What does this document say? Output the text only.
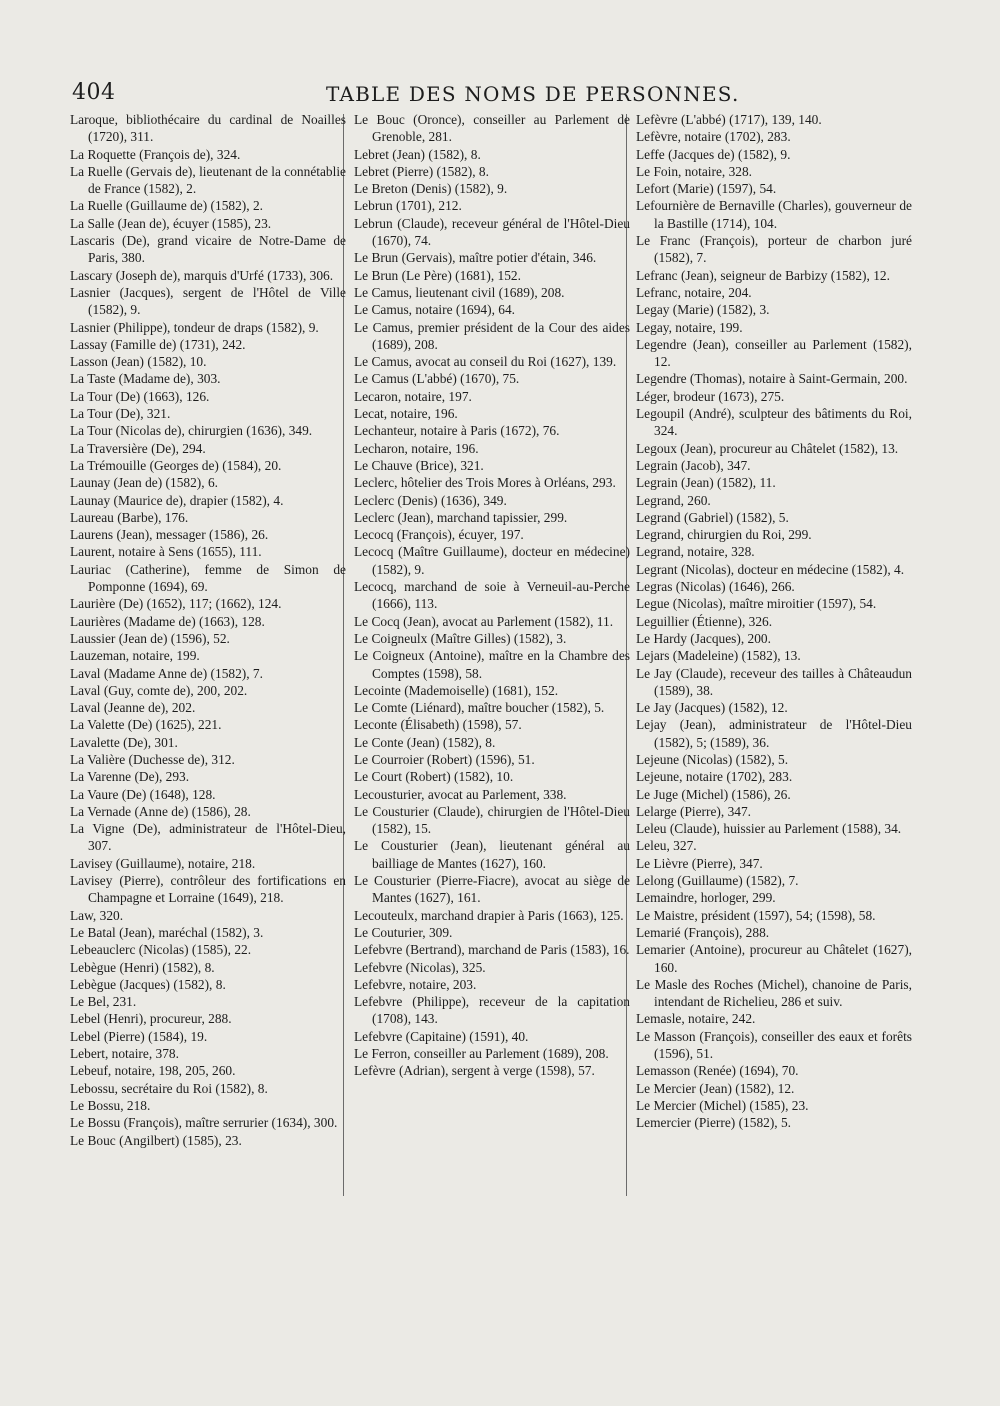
404	TABLE DES NOMS DE PERSONNES.

Laroque, bibliothécaire du cardinal de Noailles (1720), 311.

La Roquette (François de), 324.

La Ruelle (Gervais de), lieutenant de la connétablie de France (1582), 2.

La Ruelle (Guillaume de) (1582), 2.

La Salle (Jean de), écuyer (1585), 23.

Lascaris (De), grand vicaire de Notre-Dame de Paris, 380.

Lascary (Joseph de), marquis d'Urfé (1733), 306.

Lasnier (Jacques), sergent de l'Hôtel de Ville (1582), 9.

Lasnier (Philippe), tondeur de draps (1582), 9.

Lassay (Famille de) (1731), 242.

Lasson (Jean) (1582), 10.

La Taste (Madame de), 303.

La Tour (De) (1663), 126.

La Tour (De), 321.

La Tour (Nicolas de), chirurgien (1636), 349.

La Traversière (De), 294.

La Trémouille (Georges de) (1584), 20.

Launay (Jean de) (1582), 6.

Launay (Maurice de), drapier (1582), 4.

Laureau (Barbe), 176.

Laurens (Jean), messager (1586), 26.

Laurent, notaire à Sens (1655), 111.

Lauriac (Catherine), femme de Simon de Pomponne (1694), 69.

Laurière (De) (1652), 117; (1662), 124.

Laurières (Madame de) (1663), 128.

Laussier (Jean de) (1596), 52.

Lauzeman, notaire, 199.

Laval (Madame Anne de) (1582), 7.

Laval (Guy, comte de), 200, 202.

Laval (Jeanne de), 202.

La Valette (De) (1625), 221.

Lavalette (De), 301.

La Valière (Duchesse de), 312.

La Varenne (De), 293.

La Vaure (De) (1648), 128.

La Vernade (Anne de) (1586), 28.

La Vigne (De), administrateur de l'Hôtel-Dieu, 307.

Lavisey (Guillaume), notaire, 218.

Lavisey (Pierre), contrôleur des fortifications en Champagne et Lorraine (1649), 218.

Law, 320.

Le Batal (Jean), maréchal (1582), 3.

Lebeauclerc (Nicolas) (1585), 22.

Lebègue (Henri) (1582), 8.

Lebègue (Jacques) (1582), 8.

Le Bel, 231.

Lebel (Henri), procureur, 288.

Lebel (Pierre) (1584), 19.

Lebert, notaire, 378.

Lebeuf, notaire, 198, 205, 260.

Lebossu, secrétaire du Roi (1582), 8.

Le Bossu, 218.

Le Bossu (François), maître serrurier (1634), 300.

Le Bouc (Angilbert) (1585), 23.

Le Bouc (Oronce), conseiller au Parlement de Grenoble, 281.

Lebret (Jean) (1582), 8.

Lebret (Pierre) (1582), 8.

Le Breton (Denis) (1582), 9.

Lebrun (1701), 212.

Lebrun (Claude), receveur général de l'Hôtel-Dieu (1670), 74.

Le Brun (Gervais), maître potier d'étain, 346.

Le Brun (Le Père) (1681), 152.

Le Camus, lieutenant civil (1689), 208.

Le Camus, notaire (1694), 64.

Le Camus, premier président de la Cour des aides (1689), 208.

Le Camus, avocat au conseil du Roi (1627), 139.

Le Camus (L'abbé) (1670), 75.

Lecaron, notaire, 197.

Lecat, notaire, 196.

Lechanteur, notaire à Paris (1672), 76.

Lecharon, notaire, 196.

Le Chauve (Brice), 321.

Leclerc, hôtelier des Trois Mores à Orléans, 293.

Leclerc (Denis) (1636), 349.

Leclerc (Jean), marchand tapissier, 299.

Lecocq (François), écuyer, 197.

Lecocq (Maître Guillaume), docteur en médecine) (1582), 9.

Lecocq, marchand de soie à Verneuil-au-Perche (1666), 113.

Le Cocq (Jean), avocat au Parlement (1582), 11.

Le Coigneulx (Maître Gilles) (1582), 3.

Le Coigneux (Antoine), maître en la Chambre des Comptes (1598), 58.

Lecointe (Mademoiselle) (1681), 152.

Le Comte (Liénard), maître boucher (1582), 5.

Leconte (Élisabeth) (1598), 57.

Le Conte (Jean) (1582), 8.

Le Courroier (Robert) (1596), 51.

Le Court (Robert) (1582), 10.

Lecousturier, avocat au Parlement, 338.

Le Cousturier (Claude), chirurgien de l'Hôtel-Dieu (1582), 15.

Le Cousturier (Jean), lieutenant général au bailliage de Mantes (1627), 160.

Le Cousturier (Pierre-Fiacre), avocat au siège de Mantes (1627), 161.

Lecouteulx, marchand drapier à Paris (1663), 125.

Le Couturier, 309.

Lefebvre (Bertrand), marchand de Paris (1583), 16.

Lefebvre (Nicolas), 325.

Lefebvre, notaire, 203.

Lefebvre (Philippe), receveur de la capitation (1708), 143.

Lefebvre (Capitaine) (1591), 40.

Le Ferron, conseiller au Parlement (1689), 208.

Lefèvre (Adrian), sergent à verge (1598), 57.

Lefèvre (L'abbé) (1717), 139, 140.

Lefèvre, notaire (1702), 283.

Leffe (Jacques de) (1582), 9.

Le Foin, notaire, 328.

Lefort (Marie) (1597), 54.

Lefournière de Bernaville (Charles), gouverneur de la Bastille (1714), 104.

Le Franc (François), porteur de charbon juré (1582), 7.

Lefranc (Jean), seigneur de Barbizy (1582), 12.

Lefranc, notaire, 204.

Legay (Marie) (1582), 3.

Legay, notaire, 199.

Legendre (Jean), conseiller au Parlement (1582), 12.

Legendre (Thomas), notaire à Saint-Germain, 200.

Léger, brodeur (1673), 275.

Legoupil (André), sculpteur des bâtiments du Roi, 324.

Legoux (Jean), procureur au Châtelet (1582), 13.

Legrain (Jacob), 347.

Legrain (Jean) (1582), 11.

Legrand, 260.

Legrand (Gabriel) (1582), 5.

Legrand, chirurgien du Roi, 299.

Legrand, notaire, 328.

Legrant (Nicolas), docteur en médecine (1582), 4.

Legras (Nicolas) (1646), 266.

Legue (Nicolas), maître miroitier (1597), 54.

Leguillier (Étienne), 326.

Le Hardy (Jacques), 200.

Lejars (Madeleine) (1582), 13.

Le Jay (Claude), receveur des tailles à Châteaudun (1589), 38.

Le Jay (Jacques) (1582), 12.

Lejay (Jean), administrateur de l'Hôtel-Dieu (1582), 5; (1589), 36.

Lejeune (Nicolas) (1582), 5.

Lejeune, notaire (1702), 283.

Le Juge (Michel) (1586), 26.

Lelarge (Pierre), 347.

Leleu (Claude), huissier au Parlement (1588), 34.

Leleu, 327.

Le Lièvre (Pierre), 347.

Lelong (Guillaume) (1582), 7.

Lemaindre, horloger, 299.

Le Maistre, président (1597), 54; (1598), 58.

Lemarié (François), 288.

Lemarier (Antoine), procureur au Châtelet (1627), 160.

Le Masle des Roches (Michel), chanoine de Paris, intendant de Richelieu, 286 et suiv.

Lemasle, notaire, 242.

Le Masson (François), conseiller des eaux et forêts (1596), 51.

Lemasson (Renée) (1694), 70.

Le Mercier (Jean) (1582), 12.

Le Mercier (Michel) (1585), 23.

Lemercier (Pierre) (1582), 5.
